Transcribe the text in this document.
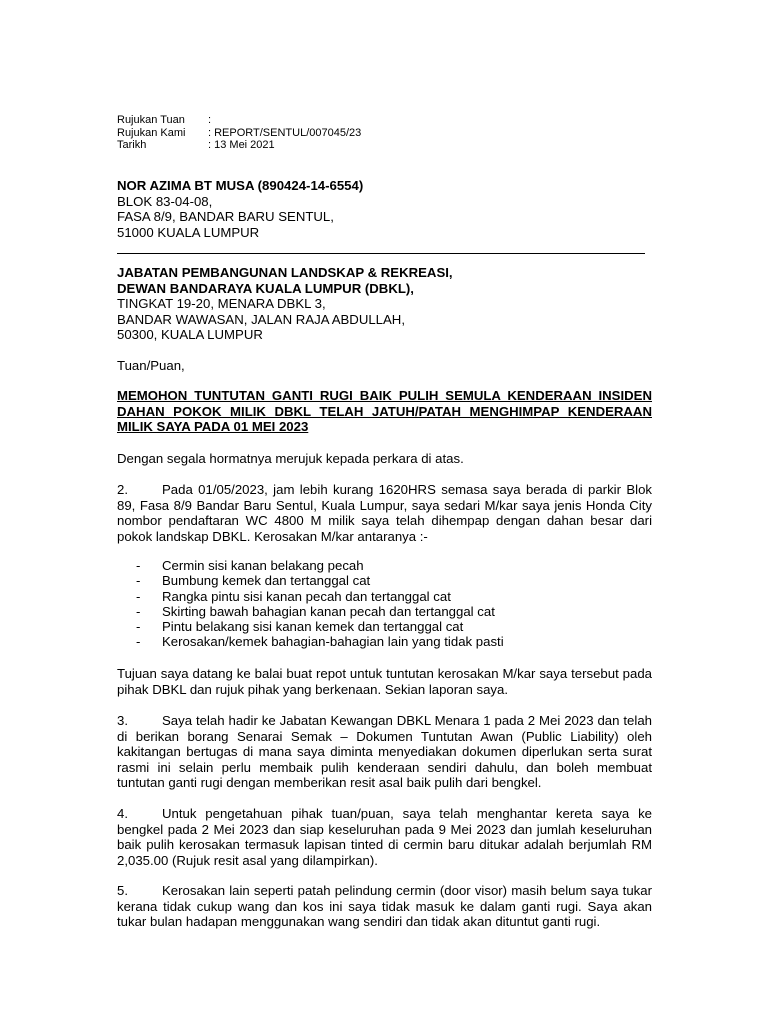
Rujukan Tuan	:
Rujukan Kami	: REPORT/SENTUL/007045/23
Tarikh	: 13 Mei 2021
NOR AZIMA BT MUSA (890424-14-6554)
BLOK 83-04-08,
FASA 8/9, BANDAR BARU SENTUL,
51000 KUALA LUMPUR
JABATAN PEMBANGUNAN LANDSKAP & REKREASI,
DEWAN BANDARAYA KUALA LUMPUR (DBKL),
TINGKAT 19-20, MENARA DBKL 3,
BANDAR WAWASAN, JALAN RAJA ABDULLAH,
50300, KUALA LUMPUR
Tuan/Puan,
MEMOHON TUNTUTAN GANTI RUGI BAIK PULIH SEMULA KENDERAAN INSIDEN DAHAN POKOK MILIK DBKL TELAH JATUH/PATAH MENGHIMPAP KENDERAAN MILIK SAYA PADA 01 MEI 2023
Dengan segala hormatnya merujuk kepada perkara di atas.
2.	Pada 01/05/2023, jam lebih kurang 1620HRS semasa saya berada di parkir Blok 89, Fasa 8/9 Bandar Baru Sentul, Kuala Lumpur, saya sedari M/kar saya jenis Honda City nombor pendaftaran WC 4800 M milik saya telah dihempap dengan dahan besar dari pokok landskap DBKL. Kerosakan M/kar antaranya :-
-	Cermin sisi kanan belakang pecah
-	Bumbung kemek dan tertanggal cat
-	Rangka pintu sisi kanan pecah dan tertanggal cat
-	Skirting bawah bahagian kanan pecah dan tertanggal cat
-	Pintu belakang sisi kanan kemek dan tertanggal cat
-	Kerosakan/kemek bahagian-bahagian lain yang tidak pasti
Tujuan saya datang ke balai buat repot untuk tuntutan kerosakan M/kar saya tersebut pada pihak DBKL dan rujuk pihak yang berkenaan. Sekian laporan saya.
3.	Saya telah hadir ke Jabatan Kewangan DBKL Menara 1 pada 2 Mei 2023 dan telah di berikan borang Senarai Semak – Dokumen Tuntutan Awan (Public Liability) oleh kakitangan bertugas di mana saya diminta menyediakan dokumen diperlukan serta surat rasmi ini selain perlu membaik pulih kenderaan sendiri dahulu, dan boleh membuat tuntutan ganti rugi dengan memberikan resit asal baik pulih dari bengkel.
4.	Untuk pengetahuan pihak tuan/puan, saya telah menghantar kereta saya ke bengkel pada 2 Mei 2023 dan siap keseluruhan pada 9 Mei 2023 dan jumlah keseluruhan baik pulih kerosakan termasuk lapisan tinted di cermin baru ditukar adalah berjumlah RM 2,035.00 (Rujuk resit asal yang dilampirkan).
5.	Kerosakan lain seperti patah pelindung cermin (door visor) masih belum saya tukar kerana tidak cukup wang dan kos ini saya tidak masuk ke dalam ganti rugi. Saya akan tukar bulan hadapan menggunakan wang sendiri dan tidak akan dituntut ganti rugi.
